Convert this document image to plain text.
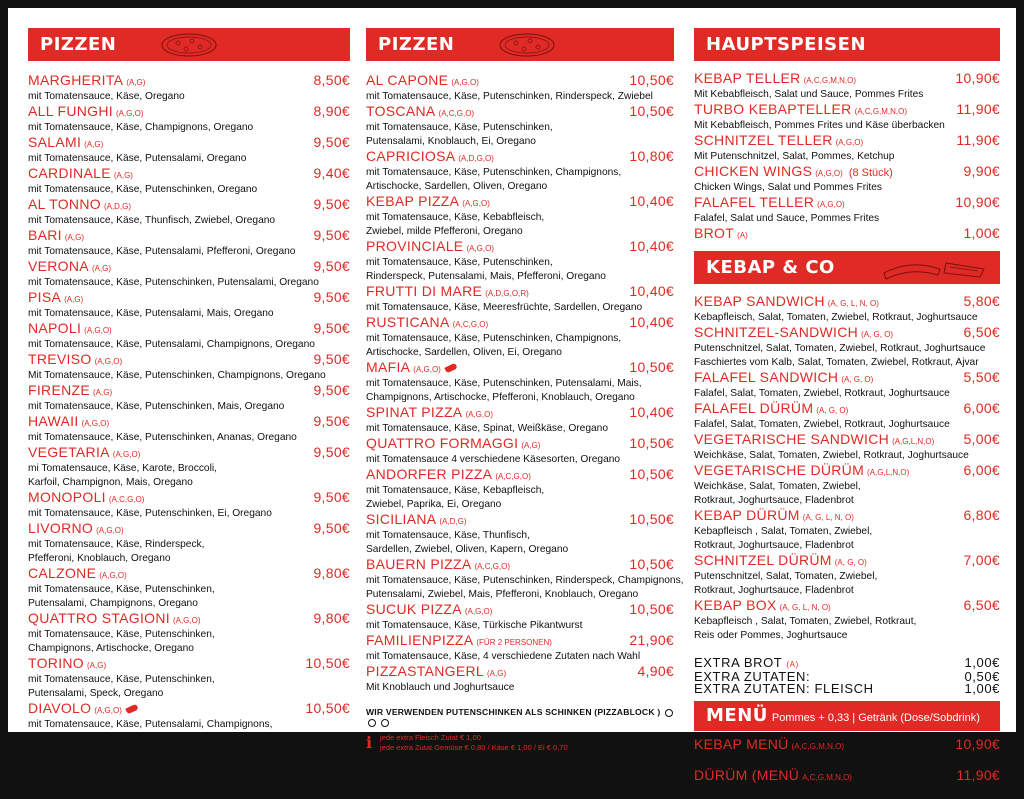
PIZZEN
MARGHERITA (A,G)	8,50€
mit Tomatensauce, Käse, Oregano
ALL FUNGHI (A,G,O)	8,90€
mit Tomatensauce, Käse, Champignons, Oregano
SALAMI (A,G)	9,50€
mit Tomatensauce, Käse, Putensalami, Oregano
CARDINALE (A,G)	9,40€
mit Tomatensauce, Käse, Putenschinken, Oregano
AL TONNO (A,D,G)	9,50€
mit Tomatensauce, Käse, Thunfisch, Zwiebel, Oregano
BARI (A,G)	9,50€
mit Tomatensauce, Käse, Putensalami, Pfefferoni, Oregano
VERONA (A,G)	9,50€
mit Tomatensauce, Käse, Putenschinken, Putensalami, Oregano
PISA (A,G)	9,50€
mit Tomatensauce, Käse, Putensalami, Mais, Oregano
NAPOLI (A,G,O)	9,50€
mit Tomatensauce, Käse, Putensalami, Champignons, Oregano
TREVISO (A,G,O)	9,50€
Mit Tomatensauce, Käse, Putenschinken, Champignons, Oregano
FIRENZE (A,G)	9,50€
mit Tomatensauce, Käse, Putenschinken, Mais, Oregano
HAWAII (A,G,O)	9,50€
mit Tomatensauce, Käse, Putenschinken, Ananas, Oregano
VEGETARIA (A,G,O)	9,50€
mi Tomatensauce, Käse, Karote, Broccoli,
Karfoil, Champignon, Mais, Oregano
MONOPOLI (A,C,G,O)	9,50€
mit Tomatensauce, Käse, Putenschinken, Ei, Oregano
LIVORNO (A,G,O)	9,50€
mit Tomatensauce, Käse, Rinderspeck,
Pfefferoni, Knoblauch, Oregano
CALZONE (A,G,O)	9,80€
mit Tomatensauce, Käse, Putenschinken,
Putensalami, Champignons, Oregano
QUATTRO STAGIONI (A,G,O)	9,80€
mit Tomatensauce, Käse, Putenschinken,
Champignons, Artischocke, Oregano
TORINO (A,G)	10,50€
mit Tomatensauce, Käse, Putenschinken,
Putensalami, Speck, Oregano
DIAVOLO (A,G,O)	10,50€
mit Tomatensauce, Käse, Putensalami, Champignons,
Oliven, scharfe Pfefferoni, Oregano
PIZZEN
AL CAPONE (A,G,O)	10,50€
mit Tomatensauce, Käse, Putenschinken, Rinderspeck, Zwiebel
TOSCANA (A,C,G,O)	10,50€
mit Tomatensauce, Käse, Putenschinken,
Putensalami, Knoblauch, Ei, Oregano
CAPRICIOSA (A,D,G,O)	10,80€
mit Tomatensauce, Käse, Putenschinken, Champignons,
Artischocke, Sardellen, Oliven, Oregano
KEBAP PIZZA (A,G,O)	10,40€
mit Tomatensauce, Käse, Kebabfleisch,
Zwiebel, milde Pfefferoni, Oregano
PROVINCIALE (A,G,O)	10,40€
mit Tomatensauce, Käse, Putenschinken,
Rinderspeck, Putensalami, Mais, Pfefferoni, Oregano
FRUTTI DI MARE (A,D,G,O,R)	10,40€
mit Tomatensauce, Käse, Meeresfrüchte, Sardellen, Oregano
RUSTICANA (A,C,G,O)	10,40€
mit Tomatensauce, Käse, Putenschinken, Champignons,
Artischocke, Sardellen, Oliven, Ei, Oregano
MAFIA (A,G,O)	10,50€
mit Tomatensauce, Käse, Putenschinken, Putensalami, Mais,
Champignons, Artischocke, Pfefferoni, Knoblauch, Oregano
SPINAT PIZZA (A,G,O)	10,40€
mit Tomatensauce, Käse, Spinat, Weißkäse, Oregano
QUATTRO FORMAGGI (A,G)	10,50€
mit Tomatensauce 4 verschiedene Käsesorten, Oregano
ANDORFER PIZZA (A,C,G,O)	10,50€
mit Tomatensauce, Käse, Kebapfleisch,
Zwiebel, Paprika, Ei, Oregano
SICILIANA (A,D,G)	10,50€
mit Tomatensauce, Käse, Thunfisch,
Sardellen, Zwiebel, Oliven, Kapern, Oregano
BAUERN PIZZA (A,C,G,O)	10,50€
mit Tomatensauce, Käse, Putenschinken, Rinderspeck, Champignons,
Putensalami, Zwiebel, Mais, Pfefferoni, Knoblauch, Oregano
SUCUK PIZZA (A,G,O)	10,50€
mit Tomatensauce, Käse, Türkische Pikantwurst
FAMILIENPIZZA (FÜR 2 PERSONEN)	21,90€
mit Tomatensauce, Käse, 4 verschiedene Zutaten nach Wahl
PIZZASTANGERL (A,G)	4,90€
Mit Knoblauch und Joghurtsauce
WIR VERWENDEN PUTENSCHINKEN ALS SCHINKEN (PIZZABLOCK )
i jede extra Fleisch Zutat € 1,00
jede extra Zutat Gemüse € 0,80 / Käse € 1,00 / Ei € 0,70
HAUPTSPEISEN
KEBAP TELLER (A,C,G,M,N,O)	10,90€
Mit Kebabfleisch, Salat und Sauce, Pommes Frites
TURBO KEBAPTELLER (A,C,G,M,N,O)	11,90€
Mit Kebabfleisch, Pommes Frites und Käse überbacken
SCHNITZEL TELLER (A,G,O)	11,90€
Mit Putenschnitzel, Salat, Pommes, Ketchup
CHICKEN WINGS (A,G,O) (8 Stück)	9,90€
Chicken Wings, Salat und Pommes Frites
FALAFEL TELLER (A,G,O)	10,90€
Falafel, Salat und Sauce, Pommes Frites
BROT (A)	1,00€
KEBAP & CO
KEBAP SANDWICH (A, G, L, N, O)	5,80€
Kebapfleisch, Salat, Tomaten, Zwiebel, Rotkraut, Joghurtsauce
SCHNITZEL-SANDWICH (A, G, O)	6,50€
Putenschnitzel, Salat, Tomaten, Zwiebel, Rotkraut, Joghurtsauce
Faschiertes vom Kalb, Salat, Tomaten, Zwiebel, Rotkraut, Ajvar
FALAFEL SANDWICH (A, G, O)	5,50€
Falafel, Salat, Tomaten, Zwiebel, Rotkraut, Joghurtsauce
FALAFEL DÜRÜM (A, G, O)	6,00€
Falafel, Salat, Tomaten, Zwiebel, Rotkraut, Joghurtsauce
VEGETARISCHE SANDWICH (A,G,L,N,O) 5,00€
Weichkäse, Salat, Tomaten, Zwiebel, Rotkraut, Joghurtsauce
VEGETARISCHE DÜRÜM (A,G,L,N,O)	6,00€
Weichkäse, Salat, Tomaten, Zwiebel,
Rotkraut, Joghurtsauce, Fladenbrot
KEBAP DÜRÜM (A, G, L, N, O)	6,80€
Kebapfleisch , Salat, Tomaten, Zwiebel,
Rotkraut, Joghurtsauce, Fladenbrot
SCHNITZEL DÜRÜM (A, G, O)	7,00€
Putenschnitzel, Salat, Tomaten, Zwiebel,
Rotkraut, Joghurtsauce, Fladenbrot
KEBAP BOX (A, G, L, N, O)	6,50€
Kebapfleisch , Salat, Tomaten, Zwiebel, Rotkraut,
Reis oder Pommes, Joghurtsauce
EXTRA BROT (A)	1,00€
EXTRA ZUTATEN:	0,50€
EXTRA ZUTATEN: FLEISCH	1,00€
MENÜ Pommes + 0,33 | Getränk (Dose/Sobdrink)
KEBAP MENÜ (A,C,G,M,N,O)	10,90€
Kebap + Pommes + 0,33 | Getränk (Dose/Sobdrink)
DÜRÜM (MENÜ A,C,G,M,N,O)	11,90€
Kebap + Pommes + 0,33 | Getränk (Dose/Sobdrink)
